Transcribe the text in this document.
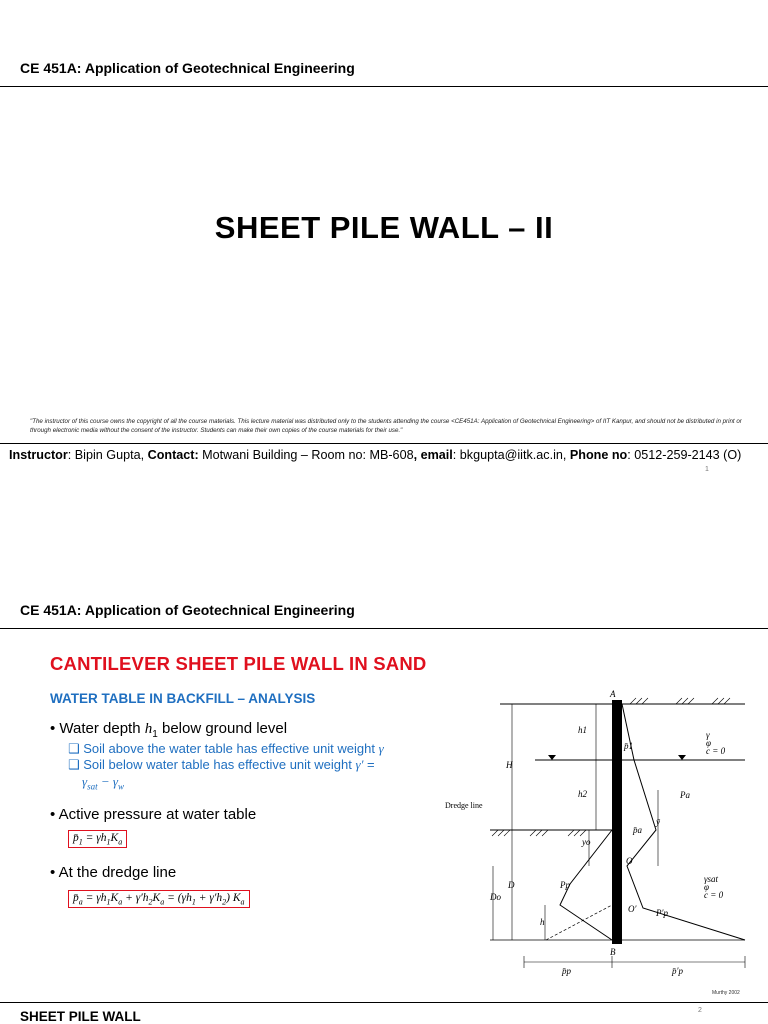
CE 451A: Application of Geotechnical Engineering
SHEET PILE WALL – II
"The instructor of this course owns the copyright of all the course materials. This lecture material was distributed only to the students attending the course <CE451A: Application of Geotechnical Engineering> of IIT Kanpur, and should not be distributed in print or through electronic media without the consent of the instructor. Students can make their own copies of the course materials for their use."
Instructor: Bipin Gupta, Contact: Motwani Building – Room no: MB-608, email: bkgupta@iitk.ac.in, Phone no: 0512-259-2143 (O)
1
CE 451A: Application of Geotechnical Engineering
CANTILEVER SHEET PILE WALL IN SAND
WATER TABLE IN BACKFILL – ANALYSIS
• Water depth $h_1$ below ground level
❑ Soil above the water table has effective unit weight γ
❑ Soil below water table has effective unit weight γ′ =
$\gamma_{sat} - \gamma_w$
• Active pressure at water table
$p̄_1 = \gamma h_1K_a$
• At the dredge line
$p̄_a = \gamma h_1K_a + \gamma'h_2K_a = (\gamma h_1 + \gamma'h_2)$ $K_a$
A
B
O
O′
H
D
h1
h2
h
Do
yo
ȳ
p̄1
p̄a
Pa
Pp
P′p
γ
φ
c = 0
γsat
φ
c = 0
p̄p	p̄′p
Dredge line
Murthy 2002
SHEET PILE WALL	2
